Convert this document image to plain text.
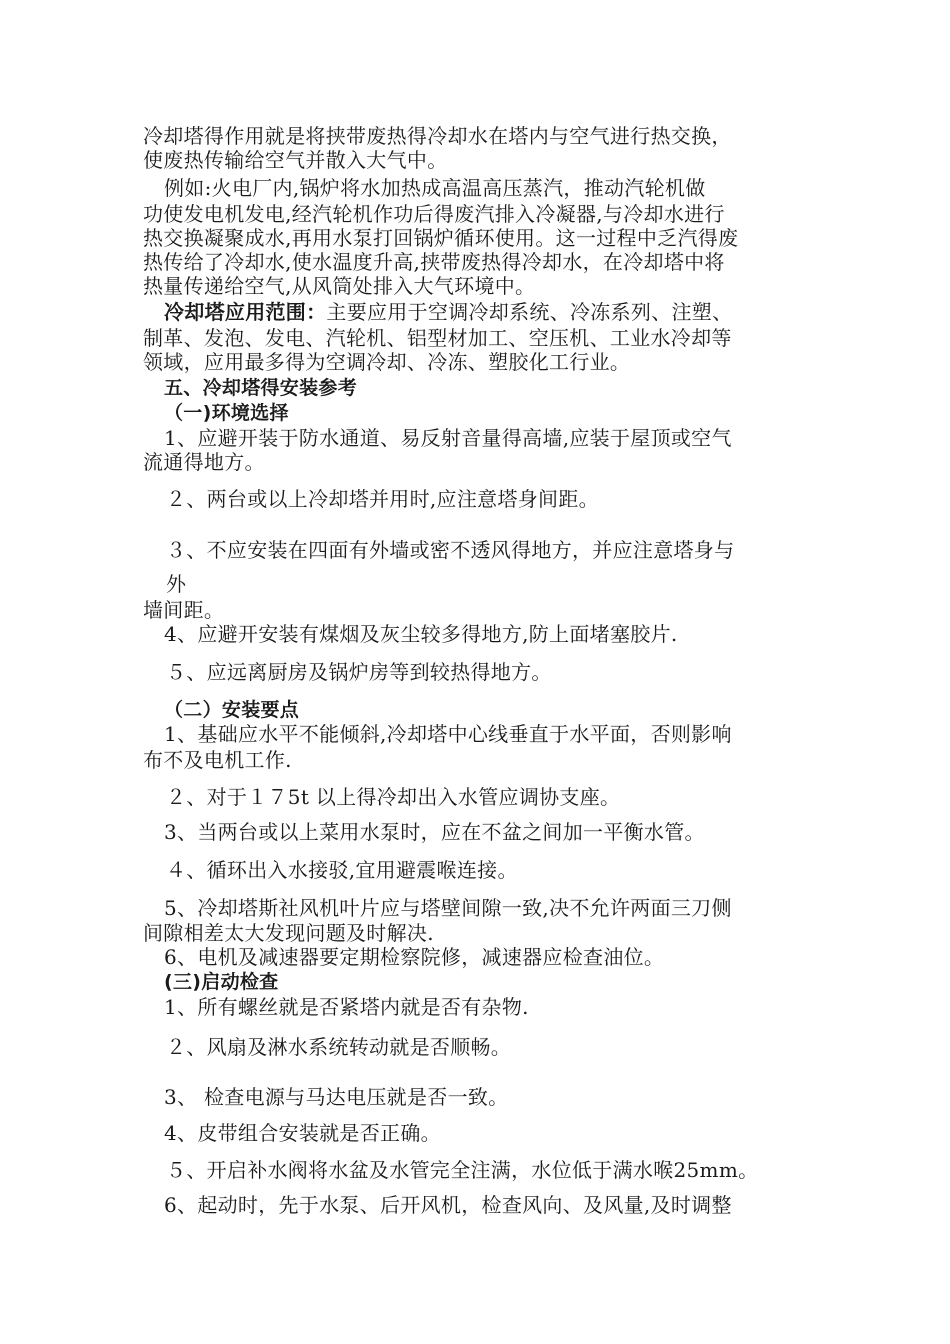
冷却塔得作用就是将挟带废热得冷却水在塔内与空气进行热交换，
使废热传输给空气并散入大气中。
例如:火电厂内,锅炉将水加热成高温高压蒸汽，推动汽轮机做
功使发电机发电,经汽轮机作功后得废汽排入冷凝器,与冷却水进行
热交换凝聚成水,再用水泵打回锅炉循环使用。这一过程中乏汽得废
热传给了冷却水,使水温度升高,挟带废热得冷却水，在冷却塔中将
热量传递给空气,从风筒处排入大气环境中。
冷却塔应用范围：主要应用于空调冷却系统、冷冻系列、注塑、
制革、发泡、发电、汽轮机、铝型材加工、空压机、工业水冷却等
领域，应用最多得为空调冷却、冷冻、塑胶化工行业。
五、冷却塔得安装参考
（一)环境选择
1、应避开装于防水通道、易反射音量得高墙,应装于屋顶或空气
流通得地方。
２、两台或以上冷却塔并用时,应注意塔身间距。
３、不应安装在四面有外墙或密不透风得地方，并应注意塔身与
外
墙间距。
4、应避开安装有煤烟及灰尘较多得地方,防上面堵塞胶片.
５、应远离厨房及锅炉房等到较热得地方。
（二）安装要点
1、基础应水平不能倾斜,冷却塔中心线垂直于水平面，否则影响
布不及电机工作.
２、对于１７5t 以上得冷却出入水管应调协支座。
3、当两台或以上菜用水泵时，应在不盆之间加一平衡水管。
４、循环出入水接驳,宜用避震喉连接。
5、冷却塔斯社风机叶片应与塔壁间隙一致,决不允许两面三刀侧
间隙相差太大发现问题及时解决.
6、电机及减速器要定期检察院修，减速器应检查油位。
(三)启动检查
1、所有螺丝就是否紧塔内就是否有杂物.
２、风扇及淋水系统转动就是否顺畅。
3、 检查电源与马达电压就是否一致。
4、皮带组合安装就是否正确。
５、开启补水阀将水盆及水管完全注满，水位低于满水喉25mm。
6、起动时，先于水泵、后开风机，检查风向、及风量,及时调整
